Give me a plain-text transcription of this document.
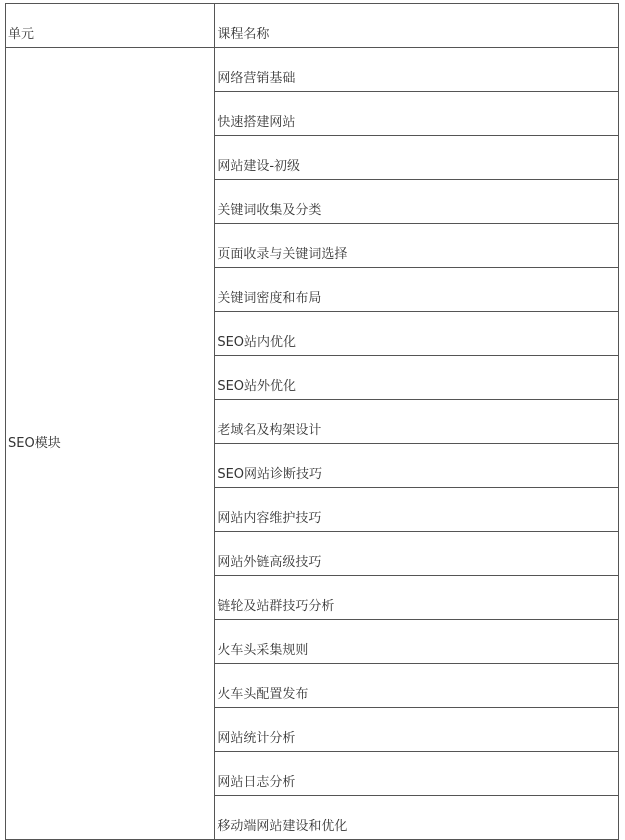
单元	课程名称
SEO模块	网络营销基础
	快速搭建网站
	网站建设-初级
	关键词收集及分类
	页面收录与关键词选择
	关键词密度和布局
	SEO站内优化
	SEO站外优化
	老域名及构架设计
	SEO网站诊断技巧
	网站内容维护技巧
	网站外链高级技巧
	链轮及站群技巧分析
	火车头采集规则
	火车头配置发布
	网站统计分析
	网站日志分析
	移动端网站建设和优化
